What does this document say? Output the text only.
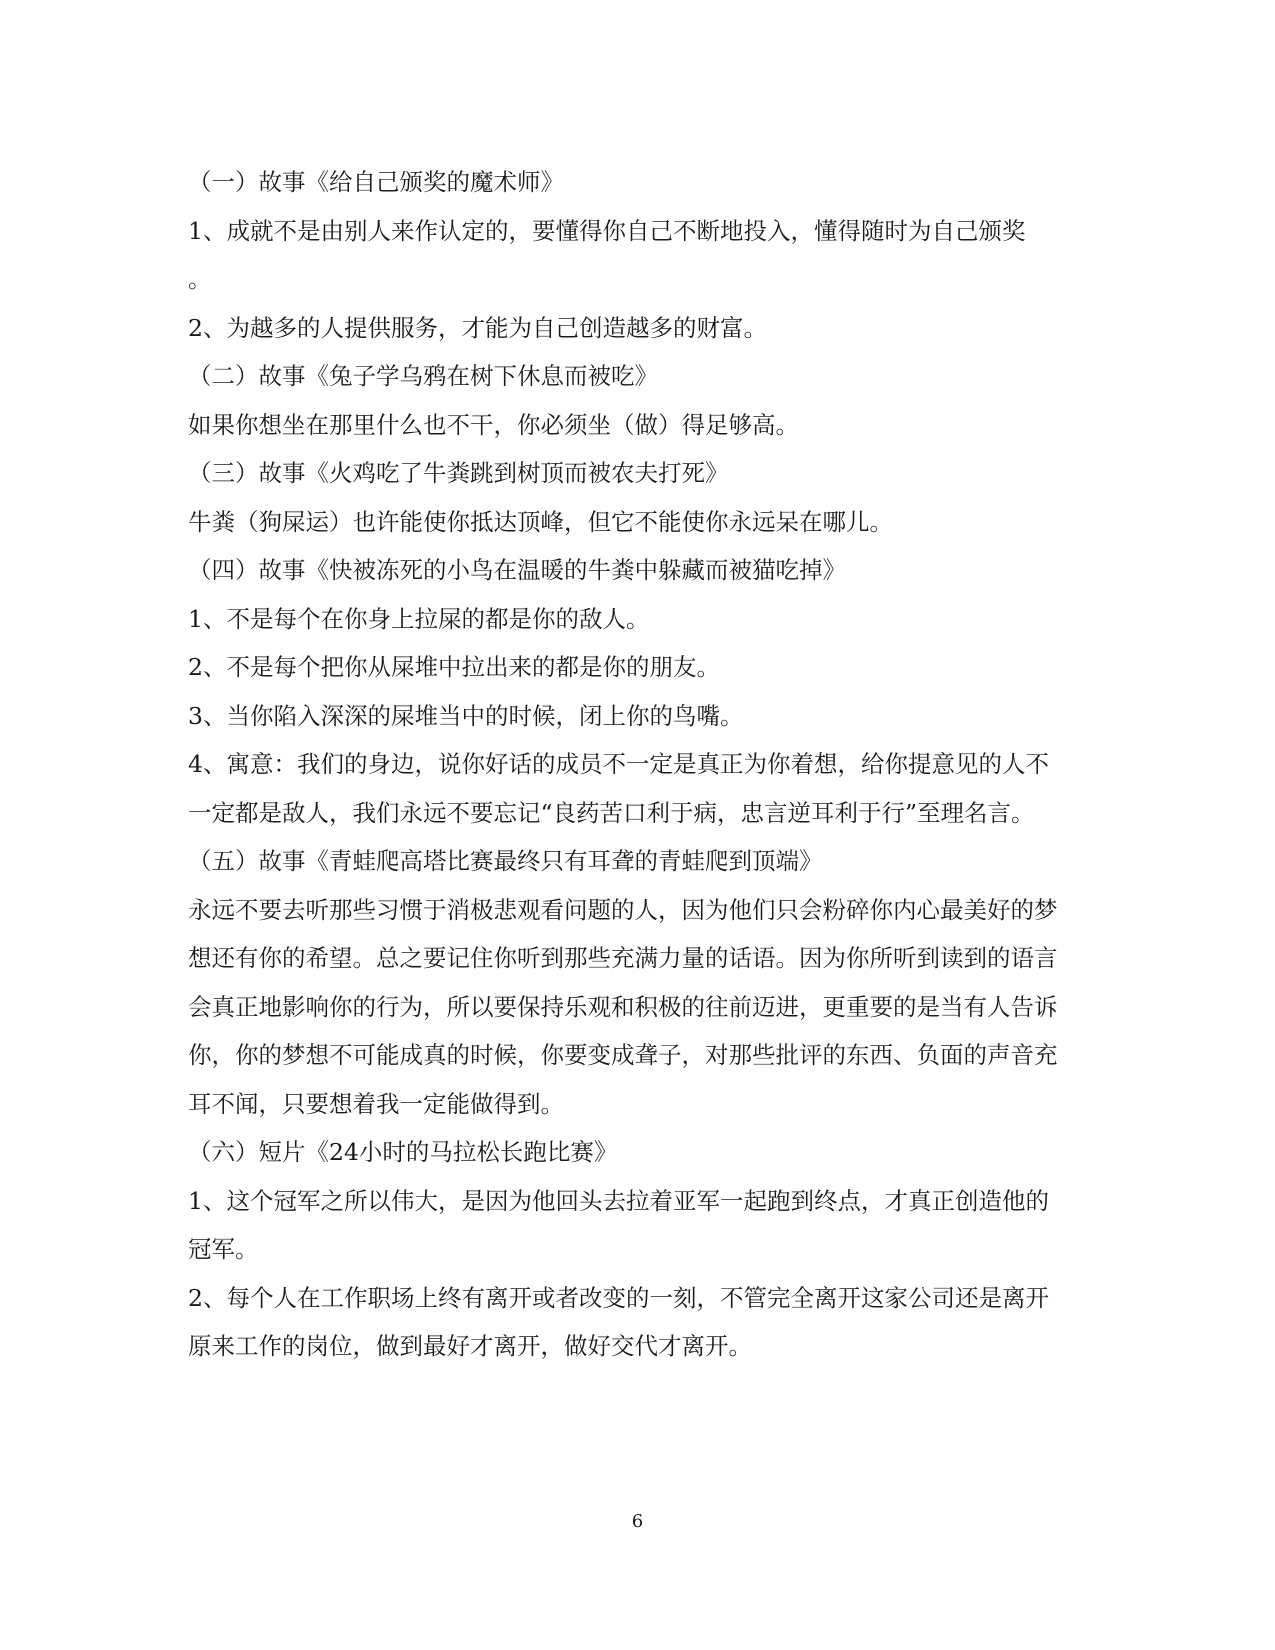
（一）故事《给自己颁奖的魔术师》

1、成就不是由别人来作认定的，要懂得你自己不断地投入，懂得随时为自己颁奖

。

2、为越多的人提供服务，才能为自己创造越多的财富。

（二）故事《兔子学乌鸦在树下休息而被吃》

如果你想坐在那里什么也不干，你必须坐（做）得足够高。

（三）故事《火鸡吃了牛粪跳到树顶而被农夫打死》

牛粪（狗屎运）也许能使你抵达顶峰，但它不能使你永远呆在哪儿。

（四）故事《快被冻死的小鸟在温暖的牛粪中躲藏而被猫吃掉》

1、不是每个在你身上拉屎的都是你的敌人。

2、不是每个把你从屎堆中拉出来的都是你的朋友。

3、当你陷入深深的屎堆当中的时候，闭上你的鸟嘴。

4、寓意：我们的身边，说你好话的成员不一定是真正为你着想，给你提意见的人不一定都是敌人，我们永远不要忘记“良药苦口利于病，忠言逆耳利于行”至理名言。

（五）故事《青蛙爬高塔比赛最终只有耳聋的青蛙爬到顶端》

永远不要去听那些习惯于消极悲观看问题的人，因为他们只会粉碎你内心最美好的梦想还有你的希望。总之要记住你听到那些充满力量的话语。因为你所听到读到的语言会真正地影响你的行为，所以要保持乐观和积极的往前迈进，更重要的是当有人告诉你，你的梦想不可能成真的时候，你要变成聋子，对那些批评的东西、负面的声音充耳不闻，只要想着我一定能做得到。

（六）短片《24小时的马拉松长跑比赛》

1、这个冠军之所以伟大，是因为他回头去拉着亚军一起跑到终点，才真正创造他的冠军。

2、每个人在工作职场上终有离开或者改变的一刻，不管完全离开这家公司还是离开原来工作的岗位，做到最好才离开，做好交代才离开。

6
